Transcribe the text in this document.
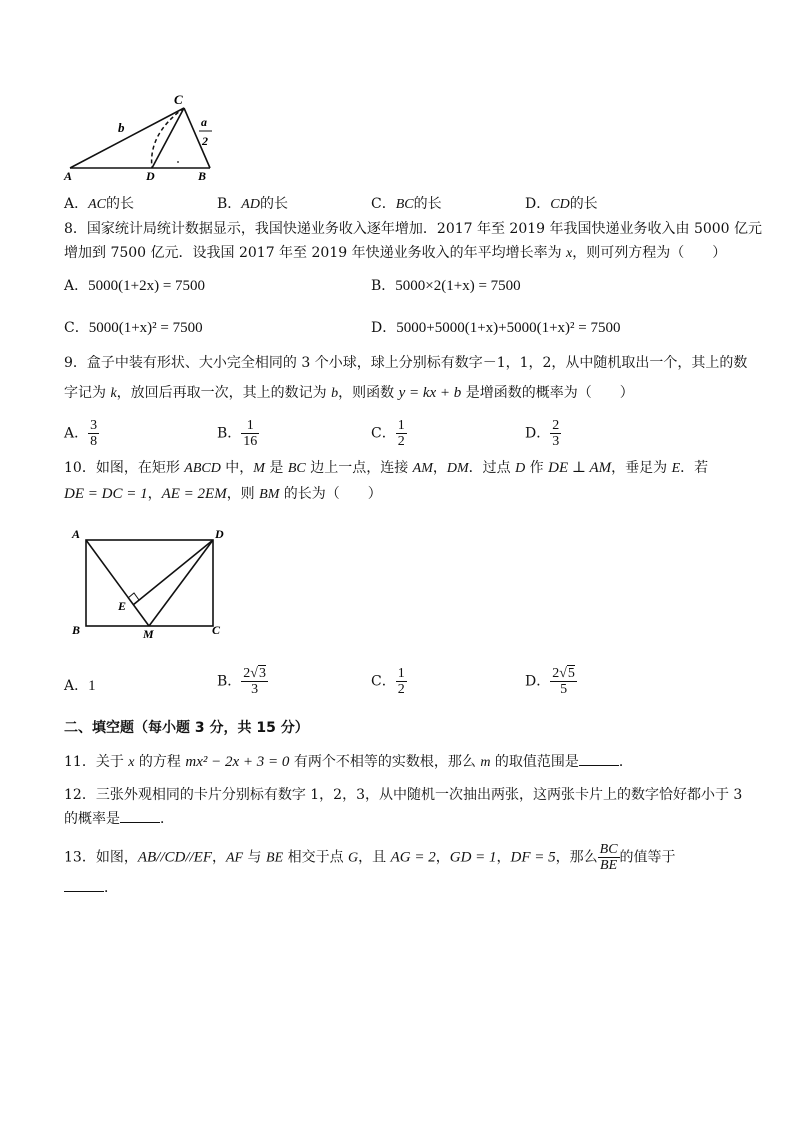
C
b	a
2
A	D	B
A．AC的长	B．AD的长	C．BC的长	D．CD的长
8．国家统计局统计数据显示，我国快递业务收入逐年增加．2017 年至 2019 年我国快递业务收入由 5000 亿元
增加到 7500 亿元．设我国 2017 年至 2019 年快递业务收入的年平均增长率为 x，则可列方程为（　　）
A．5000(1+2x) = 7500	B．5000×2(1+x) = 7500
C．5000(1+x)² = 7500	D．5000+5000(1+x)+5000(1+x)² = 7500
9．盒子中装有形状、大小完全相同的 3 个小球，球上分别标有数字－1，1，2，从中随机取出一个，其上的数
字记为 k，放回后再取一次，其上的数记为 b，则函数 y = kx + b 是增函数的概率为（　　）
A． $\frac{3}{8}$	B． $\frac{1}{16}$	C． $\frac{1}{2}$	D． $\frac{2}{3}$
10．如图，在矩形 ABCD 中，M 是 BC 边上一点，连接 AM，DM．过点 D 作 DE ⊥ AM，垂足为 E．若
DE = DC = 1，AE = 2EM，则 BM 的长为（　　）
A	D
E
B	M	C
A．1	B． $\frac{2√3}{3}$	C． $\frac{1}{2}$	D． $\frac{2√5}{5}$
二、填空题（每小题 3 分，共 15 分）
11．关于 x 的方程 mx² − 2x + 3 = 0 有两个不相等的实数根，那么 m 的取值范围是	．
12．三张外观相同的卡片分别标有数字 1，2，3，从中随机一次抽出两张，这两张卡片上的数字恰好都小于 3
的概率是	．
13．如图，AB//CD//EF，AF 与 BE 相交于点 G，且 AG = 2，GD = 1，DF = 5，那么 $\frac{BC}{BE}$ 的值等于
．
